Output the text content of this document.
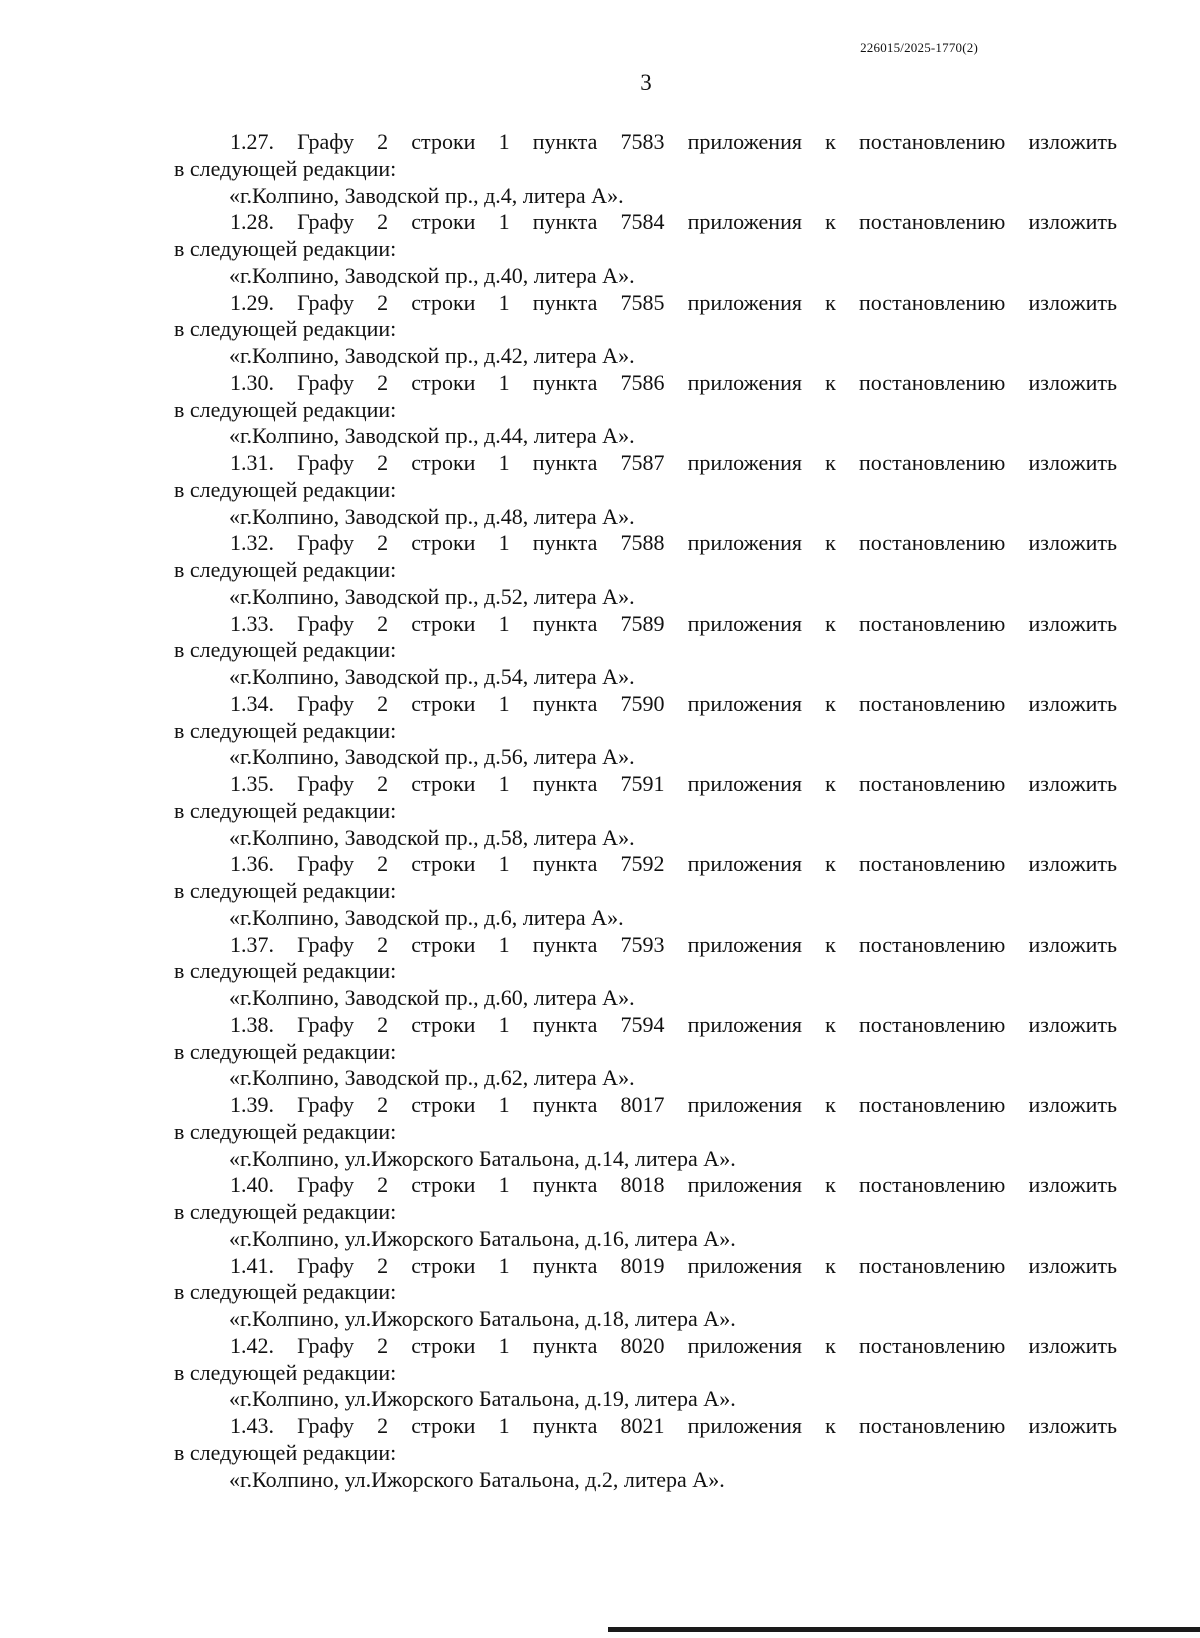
226015/2025-1770(2)
3
1.27. Графу 2 строки 1 пункта 7583 приложения к постановлению изложить
в следующей редакции:
«г.Колпино, Заводской пр., д.4, литера А».
1.28. Графу 2 строки 1 пункта 7584 приложения к постановлению изложить
в следующей редакции:
«г.Колпино, Заводской пр., д.40, литера А».
1.29. Графу 2 строки 1 пункта 7585 приложения к постановлению изложить
в следующей редакции:
«г.Колпино, Заводской пр., д.42, литера А».
1.30. Графу 2 строки 1 пункта 7586 приложения к постановлению изложить
в следующей редакции:
«г.Колпино, Заводской пр., д.44, литера А».
1.31. Графу 2 строки 1 пункта 7587 приложения к постановлению изложить
в следующей редакции:
«г.Колпино, Заводской пр., д.48, литера А».
1.32. Графу 2 строки 1 пункта 7588 приложения к постановлению изложить
в следующей редакции:
«г.Колпино, Заводской пр., д.52, литера А».
1.33. Графу 2 строки 1 пункта 7589 приложения к постановлению изложить
в следующей редакции:
«г.Колпино, Заводской пр., д.54, литера А».
1.34. Графу 2 строки 1 пункта 7590 приложения к постановлению изложить
в следующей редакции:
«г.Колпино, Заводской пр., д.56, литера А».
1.35. Графу 2 строки 1 пункта 7591 приложения к постановлению изложить
в следующей редакции:
«г.Колпино, Заводской пр., д.58, литера А».
1.36. Графу 2 строки 1 пункта 7592 приложения к постановлению изложить
в следующей редакции:
«г.Колпино, Заводской пр., д.6, литера А».
1.37. Графу 2 строки 1 пункта 7593 приложения к постановлению изложить
в следующей редакции:
«г.Колпино, Заводской пр., д.60, литера А».
1.38. Графу 2 строки 1 пункта 7594 приложения к постановлению изложить
в следующей редакции:
«г.Колпино, Заводской пр., д.62, литера А».
1.39. Графу 2 строки 1 пункта 8017 приложения к постановлению изложить
в следующей редакции:
«г.Колпино, ул.Ижорского Батальона, д.14, литера А».
1.40. Графу 2 строки 1 пункта 8018 приложения к постановлению изложить
в следующей редакции:
«г.Колпино, ул.Ижорского Батальона, д.16, литера А».
1.41. Графу 2 строки 1 пункта 8019 приложения к постановлению изложить
в следующей редакции:
«г.Колпино, ул.Ижорского Батальона, д.18, литера А».
1.42. Графу 2 строки 1 пункта 8020 приложения к постановлению изложить
в следующей редакции:
«г.Колпино, ул.Ижорского Батальона, д.19, литера А».
1.43. Графу 2 строки 1 пункта 8021 приложения к постановлению изложить
в следующей редакции:
«г.Колпино, ул.Ижорского Батальона, д.2, литера А».
